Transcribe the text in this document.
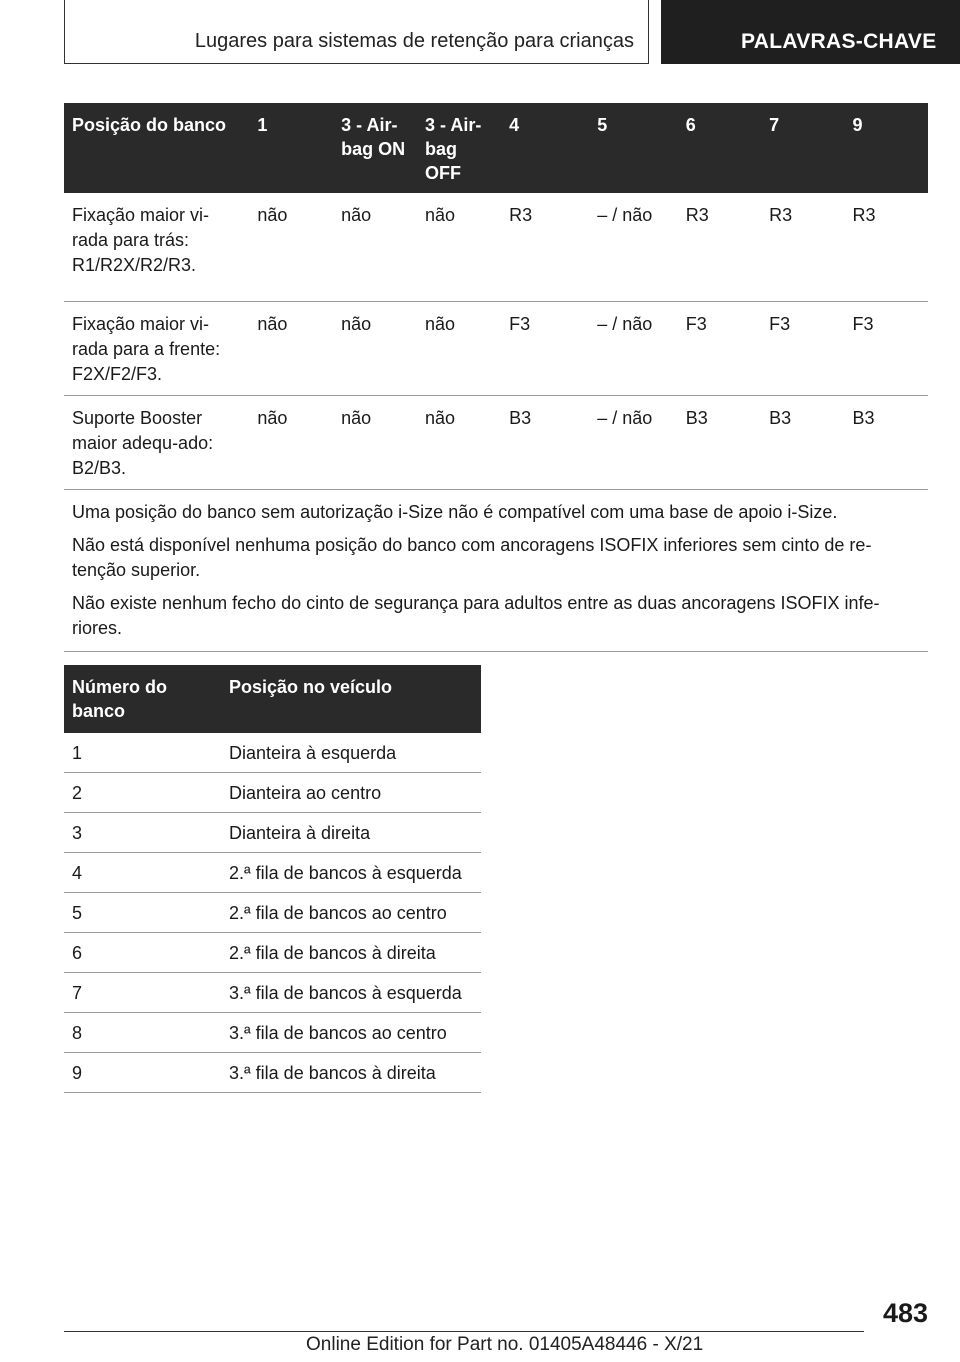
Lugares para sistemas de retenção para crianças	PALAVRAS-CHAVE
Posição do banco	1	3 - Air-bag ON	3 - Air-bag OFF	4	5	6	7	9
Fixação maior vi-rada para trás: R1/R2X/R2/R3.	não	não	não	R3	– / não	R3	R3	R3
Fixação maior vi-rada para a frente: F2X/F2/F3.	não	não	não	F3	– / não	F3	F3	F3
Suporte Booster maior adequ-ado: B2/B3.	não	não	não	B3	– / não	B3	B3	B3

Uma posição do banco sem autorização i-Size não é compatível com uma base de apoio i-Size.

Não está disponível nenhuma posição do banco com ancoragens ISOFIX inferiores sem cinto de re-tenção superior.

Não existe nenhum fecho do cinto de segurança para adultos entre as duas ancoragens ISOFIX infe-riores.								

Número do banco	Posição no veículo
1	Dianteira à esquerda
2	Dianteira ao centro
3	Dianteira à direita
4	2.ª fila de bancos à esquerda
5	2.ª fila de bancos ao centro
6	2.ª fila de bancos à direita
7	3.ª fila de bancos à esquerda
8	3.ª fila de bancos ao centro
9	3.ª fila de bancos à direita
483
Online Edition for Part no. 01405A48446 - X/21
